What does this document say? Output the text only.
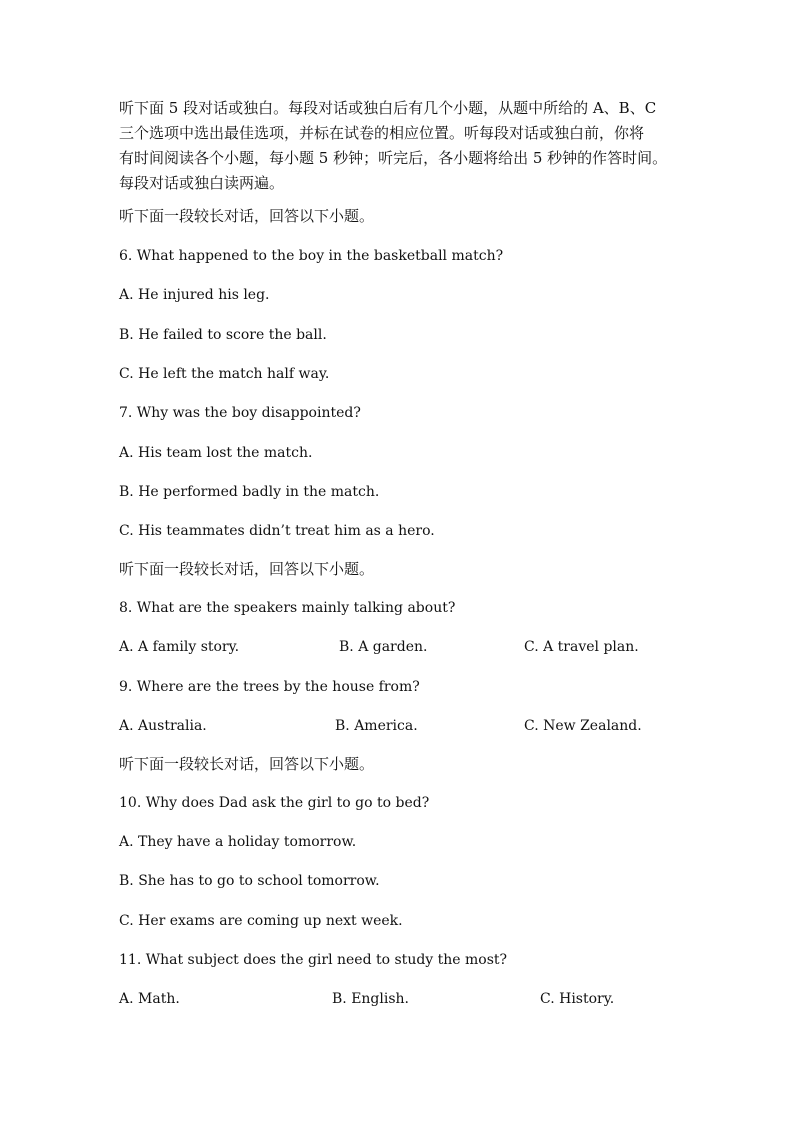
听下面 5 段对话或独白。每段对话或独白后有几个小题，从题中所给的 A、B、C
三个选项中选出最佳选项，并标在试卷的相应位置。听每段对话或独白前，你将
有时间阅读各个小题，每小题 5 秒钟；听完后，各小题将给出 5 秒钟的作答时间。
每段对话或独白读两遍。
听下面一段较长对话，回答以下小题。
6. What happened to the boy in the basketball match?
A. He injured his leg.
B. He failed to score the ball.
C. He left the match half way.
7. Why was the boy disappointed?
A. His team lost the match.
B. He performed badly in the match.
C. His teammates didn’t treat him as a hero.
听下面一段较长对话，回答以下小题。
8. What are the speakers mainly talking about?
A. A family story.	B. A garden.	C. A travel plan.
9. Where are the trees by the house from?
A. Australia.	B. America.	C. New Zealand.
听下面一段较长对话，回答以下小题。
10. Why does Dad ask the girl to go to bed?
A. They have a holiday tomorrow.
B. She has to go to school tomorrow.
C. Her exams are coming up next week.
11. What subject does the girl need to study the most?
A. Math.	B. English.	C. History.
